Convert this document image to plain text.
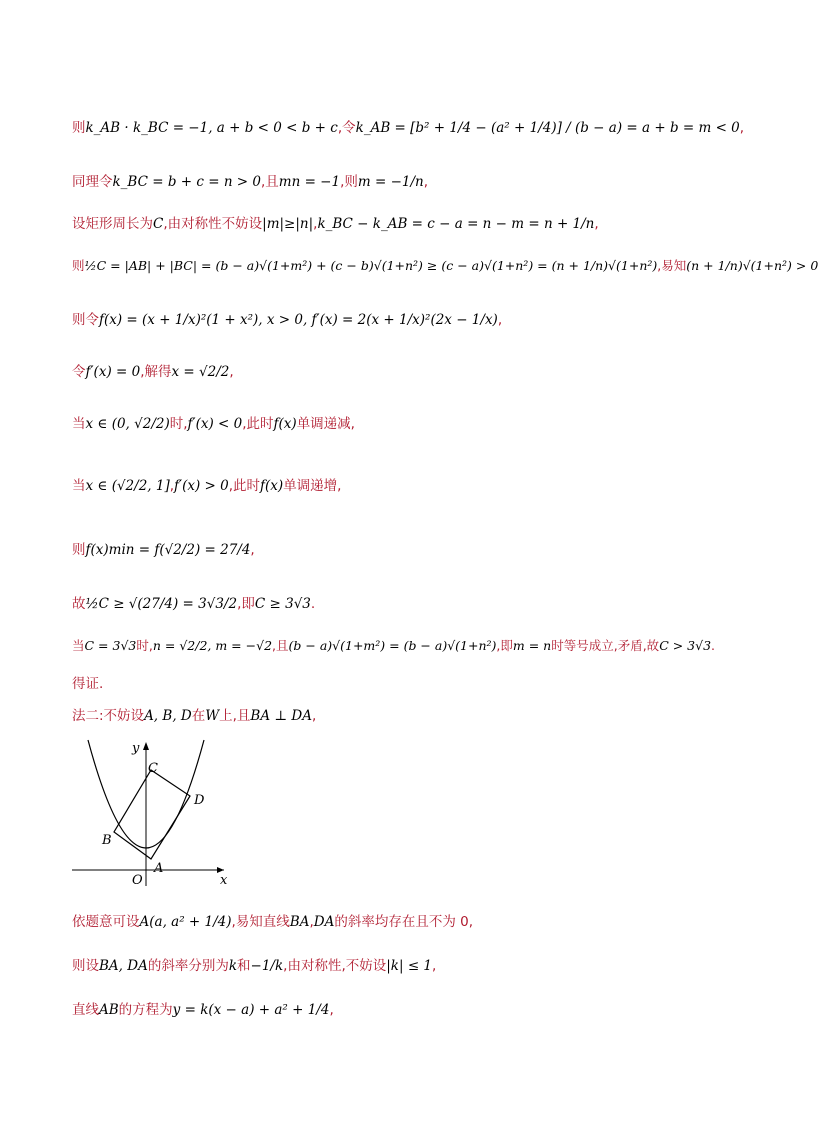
则k_AB · k_BC = −1, a + b < 0 < b + c,令k_AB = [b² + 1/4 − (a² + 1/4)] / (b − a) = a + b = m < 0,
同理令k_BC = b + c = n > 0,且mn = −1,则m = −1/n,
设矩形周长为C,由对称性不妨设|m|≥|n|,k_BC − k_AB = c − a = n − m = n + 1/n,
则½C = |AB| + |BC| = (b − a)√(1+m²) + (c − b)√(1+n²) ≥ (c − a)√(1+n²) = (n + 1/n)√(1+n²),易知(n + 1/n)√(1+n²) > 0
则令f(x) = (x + 1/x)²(1 + x²), x > 0, f′(x) = 2(x + 1/x)²(2x − 1/x),
令f′(x) = 0,解得x = √2/2,
当x ∈ (0, √2/2)时,f′(x) < 0,此时f(x)单调递减,
当x ∈ (√2/2, 1],f′(x) > 0,此时f(x)单调递增,
则f(x)min = f(√2/2) = 27/4,
故½C ≥ √(27/4) = 3√3/2,即C ≥ 3√3.
当C = 3√3时,n = √2/2, m = −√2,且(b − a)√(1+m²) = (b − a)√(1+n²),即m = n时等号成立,矛盾,故C > 3√3.
得证.
法二:不妨设A, B, D在W上,且BA ⊥ DA,
x
y
O
A
B
C
D
依题意可设A(a, a² + 1/4),易知直线BA,DA的斜率均存在且不为 0,
则设BA, DA的斜率分别为k和−1/k,由对称性,不妨设|k| ≤ 1,
直线AB的方程为y = k(x − a) + a² + 1/4,
